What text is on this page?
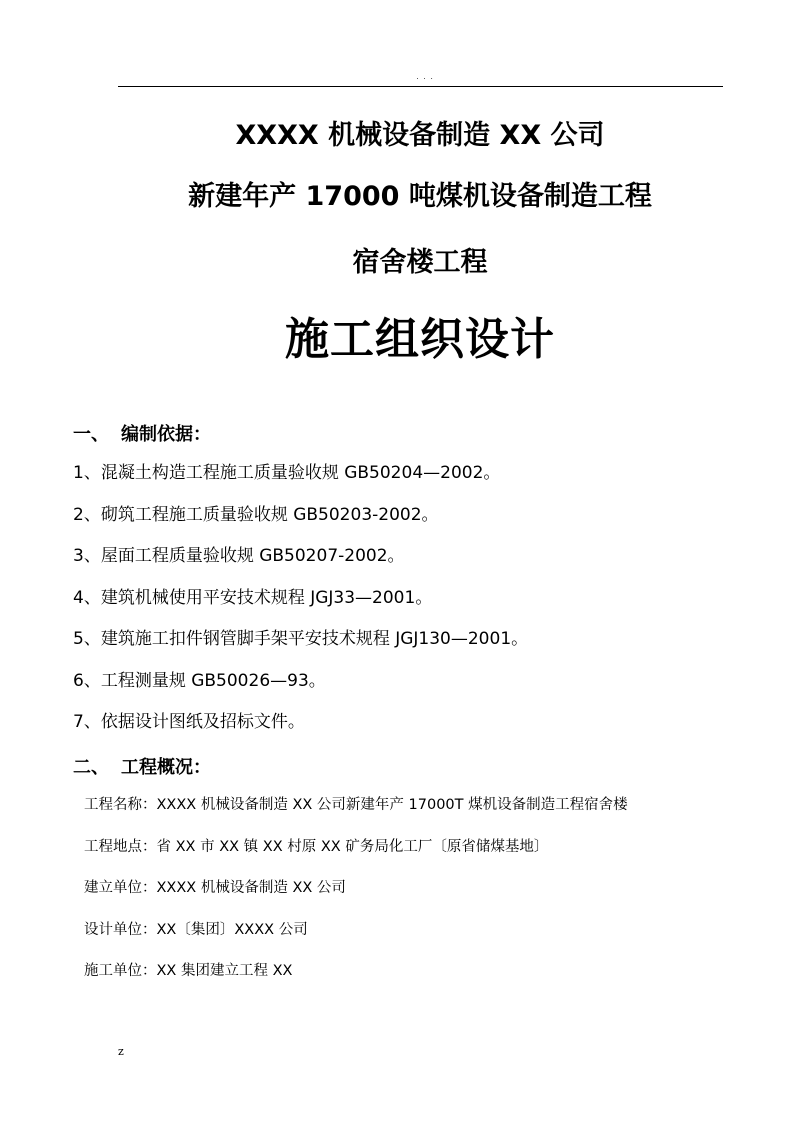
. . .
XXXX 机械设备制造 XX 公司
新建年产 17000 吨煤机设备制造工程
宿舍楼工程
施工组织设计
一、 编制依据：
1、混凝土构造工程施工质量验收规 GB50204—2002。
2、砌筑工程施工质量验收规 GB50203-2002。
3、屋面工程质量验收规 GB50207-2002。
4、建筑机械使用平安技术规程 JGJ33—2001。
5、建筑施工扣件钢管脚手架平安技术规程 JGJ130—2001。
6、工程测量规 GB50026—93。
7、依据设计图纸及招标文件。
二、 工程概况：
工程名称：XXXX 机械设备制造 XX 公司新建年产 17000T 煤机设备制造工程宿舍楼
工程地点：省 XX 市 XX 镇 XX 村原 XX 矿务局化工厂〔原省储煤基地〕
建立单位：XXXX 机械设备制造 XX 公司
设计单位：XX〔集团〕XXXX 公司
施工单位：XX 集团建立工程 XX
z
